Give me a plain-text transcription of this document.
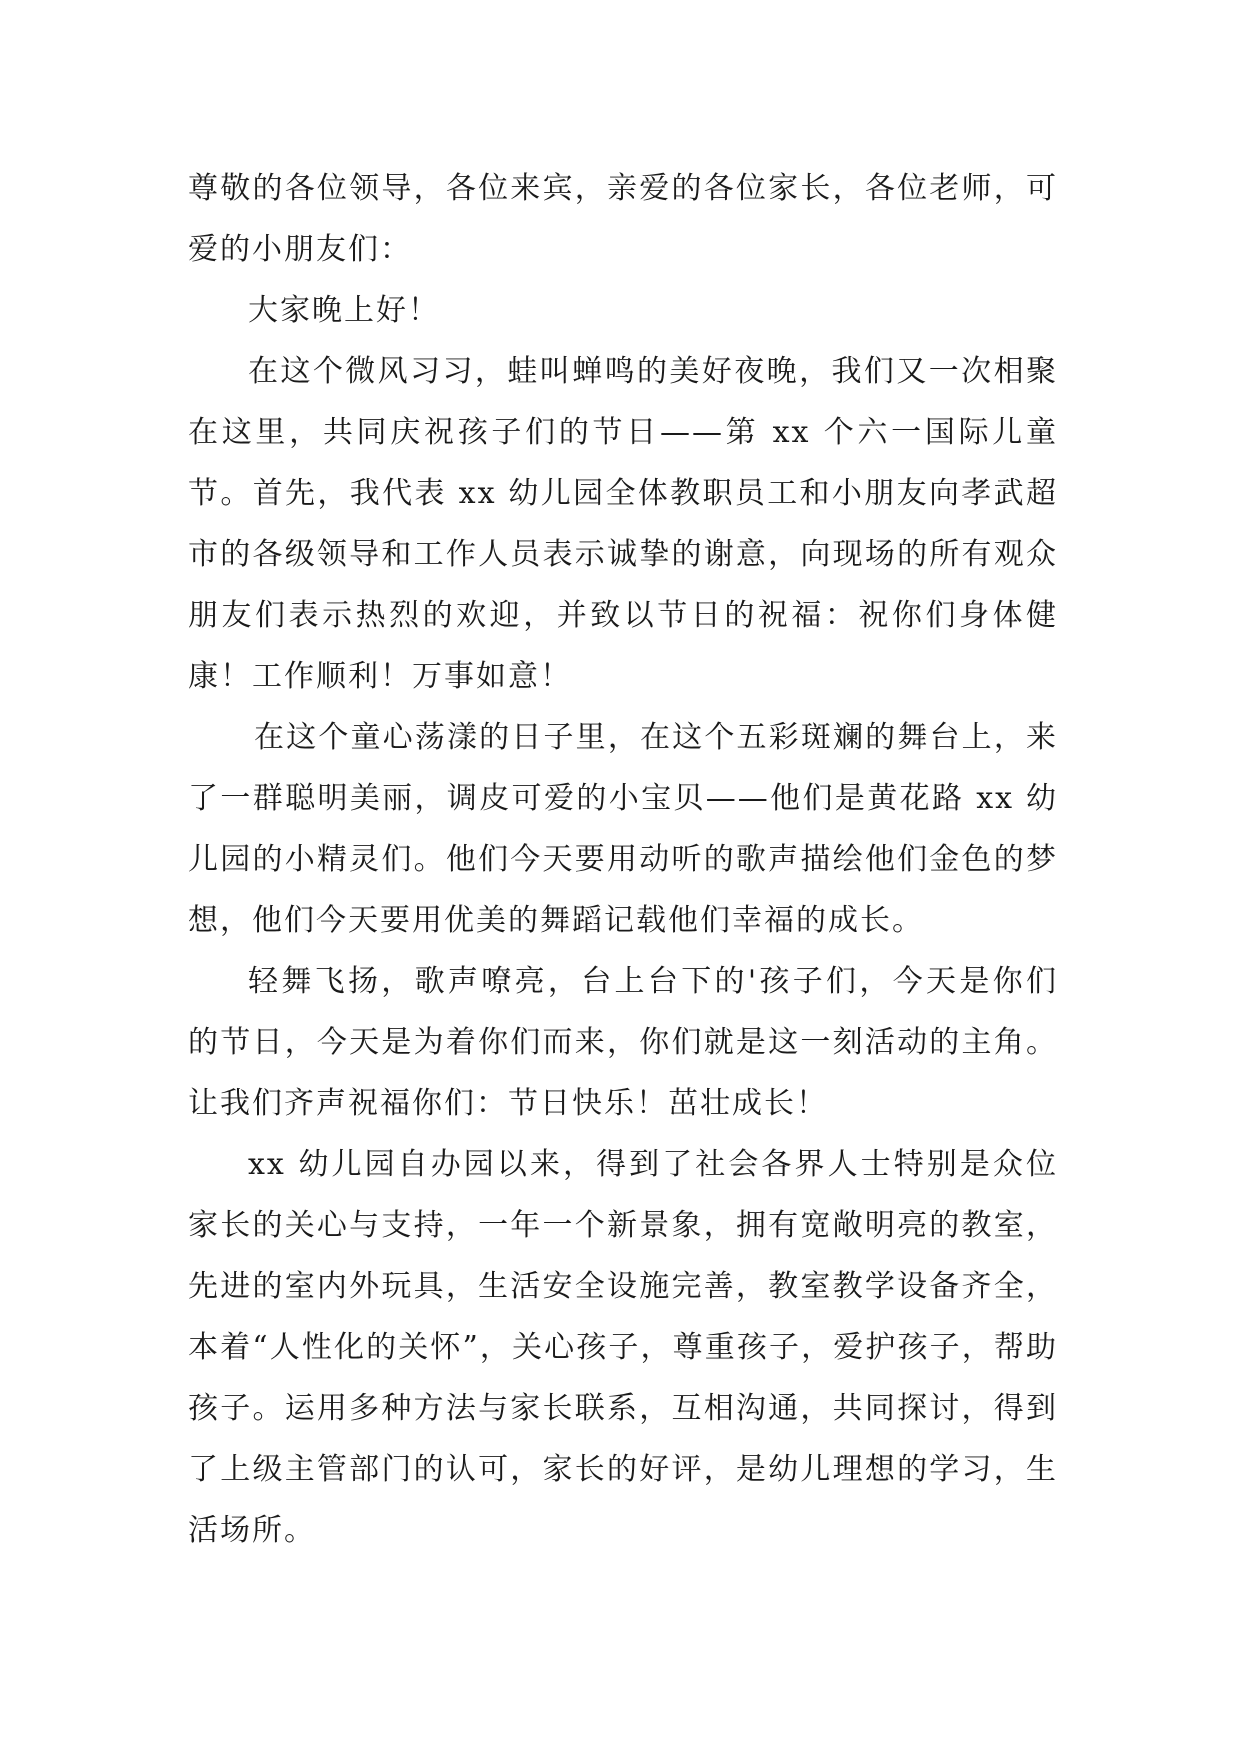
尊敬的各位领导，各位来宾，亲爱的各位家长，各位老师，可爱的小朋友们：

大家晚上好！

在这个微风习习，蛙叫蝉鸣的美好夜晚，我们又一次相聚在这里，共同庆祝孩子们的节日——第 xx 个六一国际儿童节。首先，我代表 xx 幼儿园全体教职员工和小朋友向孝武超市的各级领导和工作人员表示诚挚的谢意，向现场的所有观众朋友们表示热烈的欢迎，并致以节日的祝福：祝你们身体健康！工作顺利！万事如意！

在这个童心荡漾的日子里，在这个五彩斑斓的舞台上，来了一群聪明美丽，调皮可爱的小宝贝——他们是黄花路 xx 幼儿园的小精灵们。他们今天要用动听的歌声描绘他们金色的梦想，他们今天要用优美的舞蹈记载他们幸福的成长。

轻舞飞扬，歌声嘹亮，台上台下的'孩子们，今天是你们的节日，今天是为着你们而来，你们就是这一刻活动的主角。让我们齐声祝福你们：节日快乐！茁壮成长！

xx 幼儿园自办园以来，得到了社会各界人士特别是众位家长的关心与支持，一年一个新景象，拥有宽敞明亮的教室，先进的室内外玩具，生活安全设施完善，教室教学设备齐全，本着“人性化的关怀”，关心孩子，尊重孩子，爱护孩子，帮助孩子。运用多种方法与家长联系，互相沟通，共同探讨，得到了上级主管部门的认可，家长的好评，是幼儿理想的学习，生活场所。
